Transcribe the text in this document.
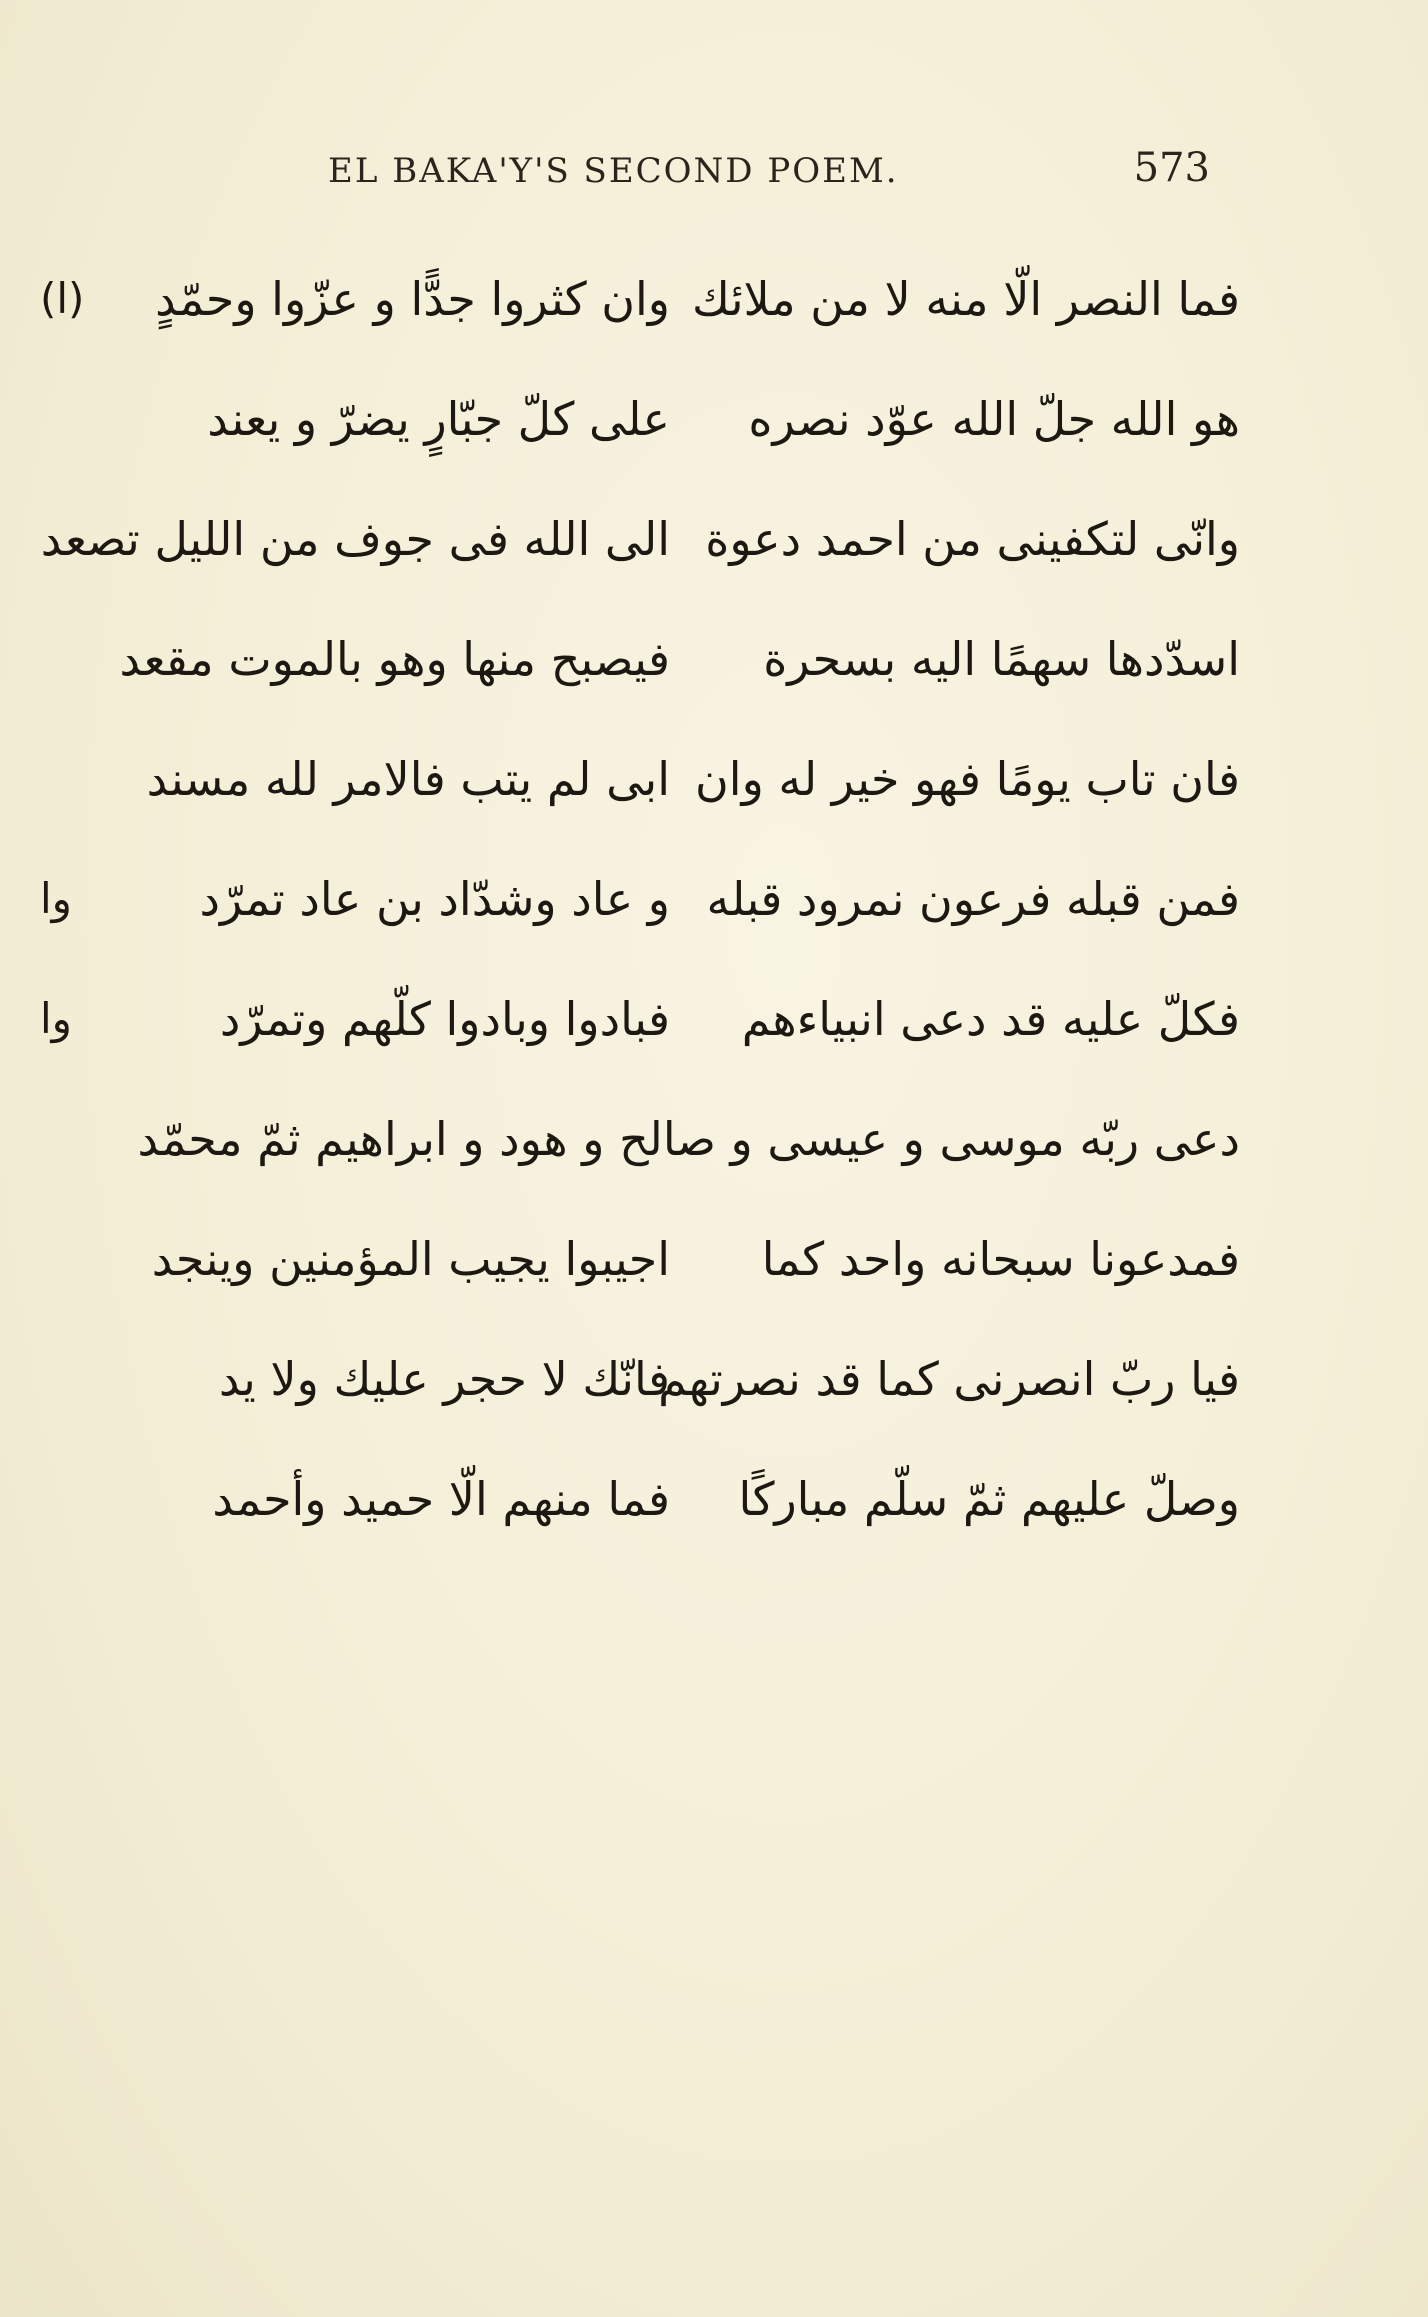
EL BAKA'Y'S SECOND POEM.	573
فما النصر الّا منه لا من ملائك
وان كثروا جدًّا و عزّوا وحمّدٍ
(ا)
هو الله جلّ الله عوّد نصره
على كلّ جبّارٍ يضرّ و يعند
وانّى لتكفينى من احمد دعوة
الى الله فى جوف من الليل تصعد
اسدّدها سهمًا اليه بسحرة
فيصبح منها وهو بالموت مقعد
فان تاب يومًا فهو خير له وان
ابى لم يتب فالامر لله مسند
فمن قبله فرعون نمرود قبله
و عاد وشدّاد بن عاد تمرّد
وا
فكلّ عليه قد دعى انبياءهم
فبادوا وبادوا كلّهم وتمرّد
وا
دعى ربّه موسى و عيسى و صالح و هود و ابراهيم ثمّ محمّد
فمدعونا سبحانه واحد كما
اجيبوا يجيب المؤمنين وينجد
فيا ربّ انصرنى كما قد نصرتهم
فانّك لا حجر عليك ولا يد
وصلّ عليهم ثمّ سلّم مباركًا
فما منهم الّا حميد وأحمد
